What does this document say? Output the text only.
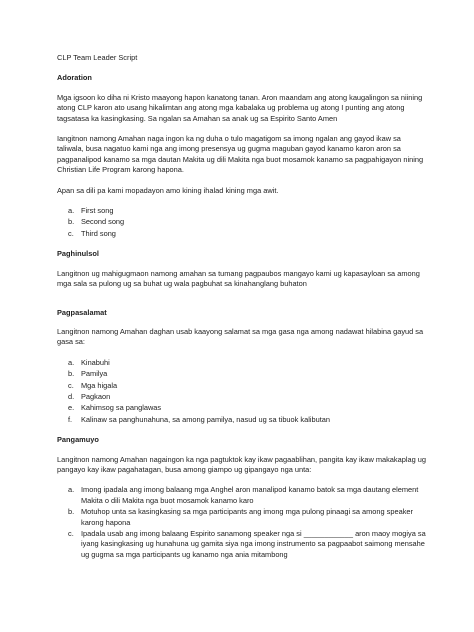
CLP Team Leader Script
Adoration
Mga igsoon ko diha ni Kristo maayong hapon kanatong tanan. Aron maandam ang atong kaugalingon sa niining atong CLP karon ato usang hikalimtan ang atong mga kabalaka ug problema ug atong I punting ang atong tagsatasa ka kasingkasing. Sa ngalan sa Amahan sa anak ug sa Espirito Santo Amen
Iangitnon namong Amahan naga ingon ka ng duha o tulo magatigom sa imong ngalan ang gayod ikaw sa taliwala, busa nagatuo kami nga ang imong presensya ug gugma maguban gayod kanamo karon aron sa pagpanalipod kanamo sa mga dautan Makita ug dili Makita nga buot mosamok kanamo sa pagpahigayon nining Christian Life Program karong hapona.
Apan sa dili pa kami mopadayon amo kining ihalad kining mga awit.
a. First song
b. Second song
c. Third song
Paghinulsol
Langitnon ug mahigugmaon namong amahan sa tumang pagpaubos mangayo kami ug kapasayloan sa among mga sala sa pulong ug sa buhat ug wala pagbuhat sa kinahanglang buhaton
Pagpasalamat
Langitnon namong Amahan daghan usab kaayong salamat sa mga gasa nga among nadawat hilabina gayud sa gasa sa:
a. Kinabuhi
b. Pamilya
c. Mga higala
d. Pagkaon
e. Kahimsog sa panglawas
f. Kalinaw sa panghunahuna, sa among pamilya, nasud ug sa tibuok kalibutan
Pangamuyo
Langitnon namong Amahan nagaingon ka nga pagtuktok kay ikaw pagaablihan, pangita kay ikaw makakaplag ug pangayo kay ikaw pagahatagan, busa among giampo ug gipangayo nga unta:
a. Imong ipadala ang imong balaang mga Anghel aron manalipod kanamo batok sa mga dautang element Makita o dili Makita nga buot mosamok kanamo karo
b. Motuhop unta sa kasingkasing sa mga participants ang imong mga pulong pinaagi sa among speaker karong hapona
c. Ipadala usab ang imong balaang Espirito sanamong speaker nga si ____________ aron maoy mogiya sa iyang kasingkasing ug hunahuna ug gamita siya nga imong instrumento sa pagpaabot saimong mensahe ug gugma sa mga participants ug kanamo nga ania mitambong
